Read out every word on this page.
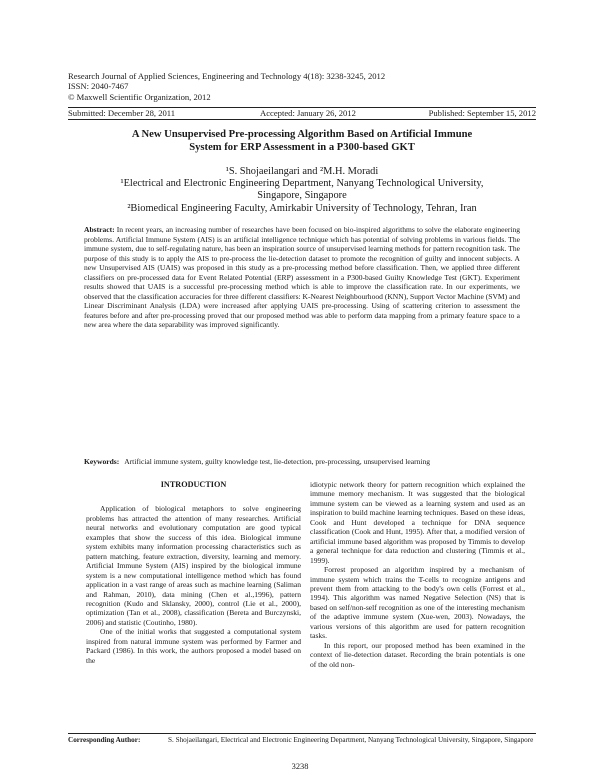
Research Journal of Applied Sciences, Engineering and Technology 4(18): 3238-3245, 2012
ISSN: 2040-7467
© Maxwell Scientific Organization, 2012
Submitted: December 28, 2011	Accepted: January 26, 2012	Published: September 15, 2012
A New Unsupervised Pre-processing Algorithm Based on Artificial Immune
System for ERP Assessment in a P300-based GKT
¹S. Shojaeilangari and ²M.H. Moradi
¹Electrical and Electronic Engineering Department, Nanyang Technological University,
Singapore, Singapore
²Biomedical Engineering Faculty, Amirkabir University of Technology, Tehran, Iran
Abstract: In recent years, an increasing number of researches have been focused on bio-inspired algorithms to solve the elaborate engineering problems. Artificial Immune System (AIS) is an artificial intelligence technique which has potential of solving problems in various fields. The immune system, due to self-regulating nature, has been an inspiration source of unsupervised learning methods for pattern recognition task. The purpose of this study is to apply the AIS to pre-process the lie-detection dataset to promote the recognition of guilty and innocent subjects. A new Unsupervised AIS (UAIS) was proposed in this study as a pre-processing method before classification. Then, we applied three different classifiers on pre-processed data for Event Related Potential (ERP) assessment in a P300-based Guilty Knowledge Test (GKT). Experiment results showed that UAIS is a successful pre-processing method which is able to improve the classification rate. In our experiments, we observed that the classification accuracies for three different classifiers: K-Nearest Neighbourhood (KNN), Support Vector Machine (SVM) and Linear Discriminant Analysis (LDA) were increased after applying UAIS pre-processing. Using of scattering criterion to assessment the features before and after pre-processing proved that our proposed method was able to perform data mapping from a primary feature space to a new area where the data separability was improved significantly.
Keywords: Artificial immune system, guilty knowledge test, lie-detection, pre-processing, unsupervised learning
INTRODUCTION

Application of biological metaphors to solve engineering problems has attracted the attention of many researches. Artificial neural networks and evolutionary computation are good typical examples that show the success of this idea. Biological immune system exhibits many information processing characteristics such as pattern matching, feature extraction, diversity, learning and memory. Artificial Immune System (AIS) inspired by the biological immune system is a new computational intelligence method which has found application in a vast range of areas such as machine learning (Saliman and Rahman, 2010), data mining (Chen et al.,1996), pattern recognition (Kudo and Sklansky, 2000), control (Lie et al., 2000), optimization (Tan et al., 2008), classification (Bereta and Burczynski, 2006) and statistic (Coutinho, 1980).

One of the initial works that suggested a computational system inspired from natural immune system was performed by Farmer and Packard (1986). In this work, the authors proposed a model based on the

idiotypic network theory for pattern recognition which explained the immune memory mechanism. It was suggested that the biological immune system can be viewed as a learning system and used as an inspiration to build machine learning techniques. Based on these ideas, Cook and Hunt developed a technique for DNA sequence classification (Cook and Hunt, 1995). After that, a modified version of artificial immune based algorithm was proposed by Timmis to develop a general technique for data reduction and clustering (Timmis et al., 1999).

Forrest proposed an algorithm inspired by a mechanism of immune system which trains the T-cells to recognize antigens and prevent them from attacking to the body's own cells (Forrest et al., 1994). This algorithm was named Negative Selection (NS) that is based on self/non-self recognition as one of the interesting mechanism of the adaptive immune system (Xue-wen, 2003). Nowadays, the various versions of this algorithm are used for pattern recognition tasks.

In this report, our proposed method has been examined in the context of lie-detection dataset. Recording the brain potentials is one of the old non-

Corresponding Author:	S. Shojaeilangari, Electrical and Electronic Engineering Department, Nanyang Technological University, Singapore, Singapore
3238
